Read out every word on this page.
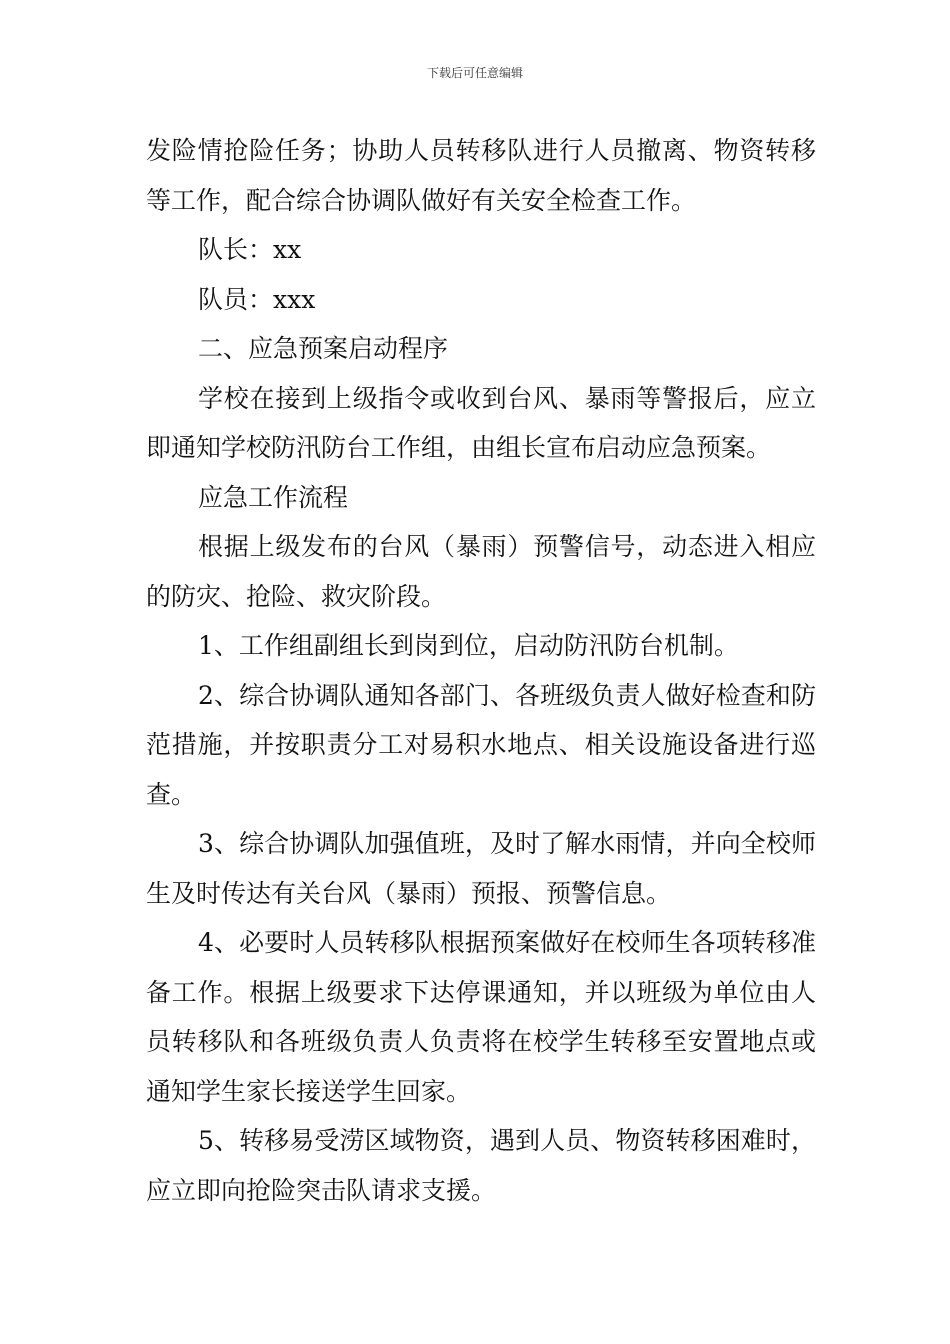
下载后可任意编辑

发险情抢险任务；协助人员转移队进行人员撤离、物资转移等工作，配合综合协调队做好有关安全检查工作。

队长：xx

队员：xxx

二、应急预案启动程序

学校在接到上级指令或收到台风、暴雨等警报后，应立即通知学校防汛防台工作组，由组长宣布启动应急预案。

应急工作流程

根据上级发布的台风（暴雨）预警信号，动态进入相应的防灾、抢险、救灾阶段。

1、工作组副组长到岗到位，启动防汛防台机制。

2、综合协调队通知各部门、各班级负责人做好检查和防范措施，并按职责分工对易积水地点、相关设施设备进行巡查。

3、综合协调队加强值班，及时了解水雨情，并向全校师生及时传达有关台风（暴雨）预报、预警信息。

4、必要时人员转移队根据预案做好在校师生各项转移准备工作。根据上级要求下达停课通知，并以班级为单位由人员转移队和各班级负责人负责将在校学生转移至安置地点或通知学生家长接送学生回家。

5、转移易受涝区域物资，遇到人员、物资转移困难时，应立即向抢险突击队请求支援。
